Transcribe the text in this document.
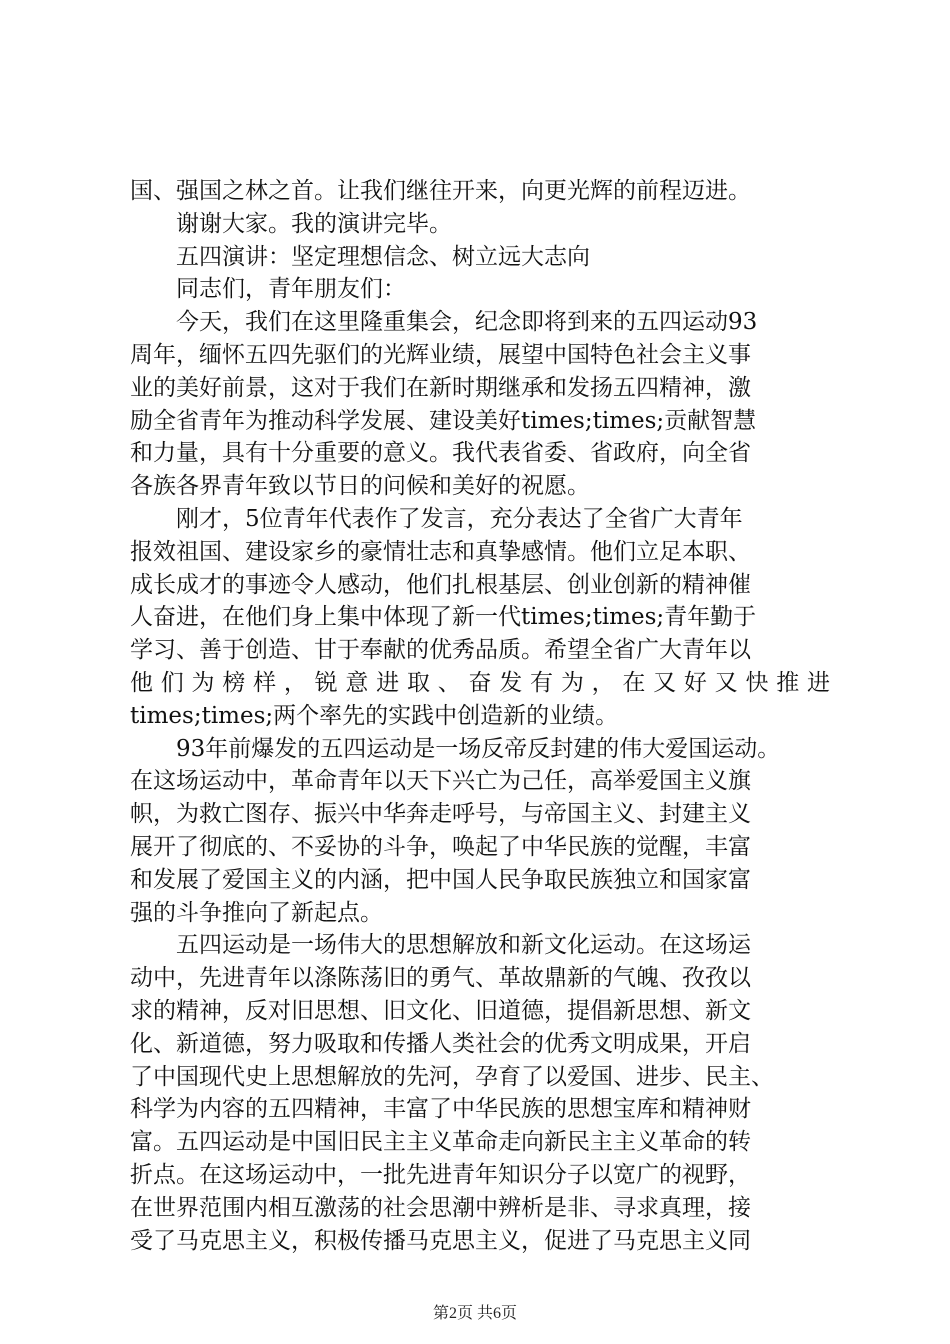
国、强国之林之首。让我们继往开来，向更光辉的前程迈进。
谢谢大家。我的演讲完毕。
五四演讲：坚定理想信念、树立远大志向
同志们，青年朋友们：
今天，我们在这里隆重集会，纪念即将到来的五四运动93
周年，缅怀五四先驱们的光辉业绩，展望中国特色社会主义事
业的美好前景，这对于我们在新时期继承和发扬五四精神，激
励全省青年为推动科学发展、建设美好times;times;贡献智慧
和力量，具有十分重要的意义。我代表省委、省政府，向全省
各族各界青年致以节日的问候和美好的祝愿。
刚才，5位青年代表作了发言，充分表达了全省广大青年
报效祖国、建设家乡的豪情壮志和真挚感情。他们立足本职、
成长成才的事迹令人感动，他们扎根基层、创业创新的精神催
人奋进，在他们身上集中体现了新一代times;times;青年勤于
学习、善于创造、甘于奉献的优秀品质。希望全省广大青年以
他们为榜样，锐意进取、奋发有为，在又好又快推进
times;times;两个率先的实践中创造新的业绩。
93年前爆发的五四运动是一场反帝反封建的伟大爱国运动。
在这场运动中，革命青年以天下兴亡为己任，高举爱国主义旗
帜，为救亡图存、振兴中华奔走呼号，与帝国主义、封建主义
展开了彻底的、不妥协的斗争，唤起了中华民族的觉醒，丰富
和发展了爱国主义的内涵，把中国人民争取民族独立和国家富
强的斗争推向了新起点。
五四运动是一场伟大的思想解放和新文化运动。在这场运
动中，先进青年以涤陈荡旧的勇气、革故鼎新的气魄、孜孜以
求的精神，反对旧思想、旧文化、旧道德，提倡新思想、新文
化、新道德，努力吸取和传播人类社会的优秀文明成果，开启
了中国现代史上思想解放的先河，孕育了以爱国、进步、民主、
科学为内容的五四精神，丰富了中华民族的思想宝库和精神财
富。五四运动是中国旧民主主义革命走向新民主主义革命的转
折点。在这场运动中，一批先进青年知识分子以宽广的视野，
在世界范围内相互激荡的社会思潮中辨析是非、寻求真理，接
受了马克思主义，积极传播马克思主义，促进了马克思主义同
第2页 共6页
